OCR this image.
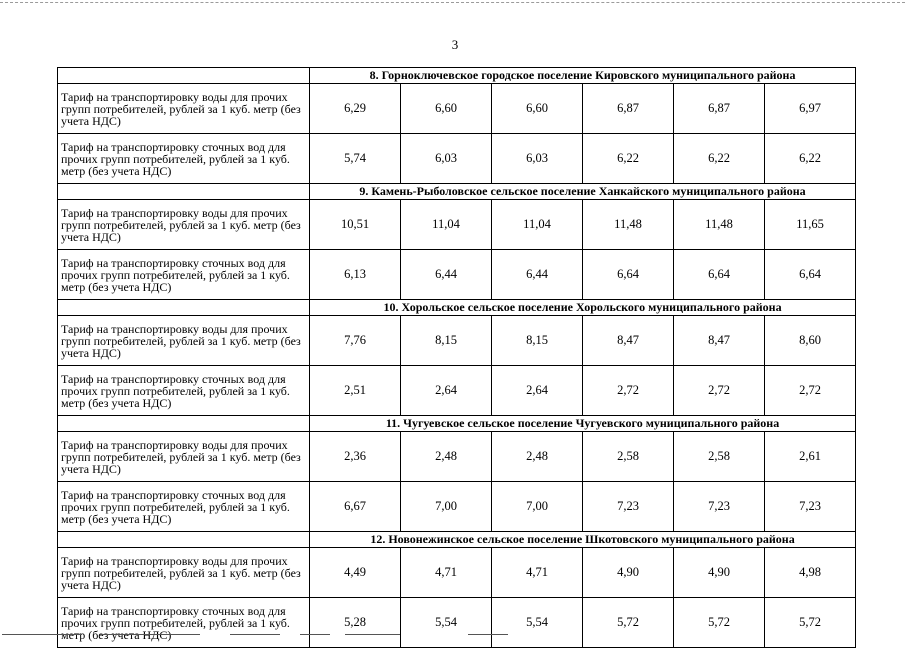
3
	8. Горноключевское городское поселение Кировского муниципального района					
Тариф на транспортировку воды для прочих групп потребителей, рублей за 1 куб. метр (без учета НДС)	6,29	6,60	6,60	6,87	6,87	6,97
Тариф на транспортировку сточных вод для прочих групп потребителей, рублей за 1 куб. метр (без учета НДС)	5,74	6,03	6,03	6,22	6,22	6,22
	9. Камень-Рыболовское сельское поселение Ханкайского муниципального района					
Тариф на транспортировку воды для прочих групп потребителей, рублей за 1 куб. метр (без учета НДС)	10,51	11,04	11,04	11,48	11,48	11,65
Тариф на транспортировку сточных вод для прочих групп потребителей, рублей за 1 куб. метр (без учета НДС)	6,13	6,44	6,44	6,64	6,64	6,64
	10. Хорольское сельское поселение Хорольского муниципального района					
Тариф на транспортировку воды для прочих групп потребителей, рублей за 1 куб. метр (без учета НДС)	7,76	8,15	8,15	8,47	8,47	8,60
Тариф на транспортировку сточных вод для прочих групп потребителей, рублей за 1 куб. метр (без учета НДС)	2,51	2,64	2,64	2,72	2,72	2,72
	11. Чугуевское сельское поселение Чугуевского муниципального района					
Тариф на транспортировку воды для прочих групп потребителей, рублей за 1 куб. метр (без учета НДС)	2,36	2,48	2,48	2,58	2,58	2,61
Тариф на транспортировку сточных вод для прочих групп потребителей, рублей за 1 куб. метр (без учета НДС)	6,67	7,00	7,00	7,23	7,23	7,23
	12. Новонежинское сельское поселение Шкотовского муниципального района					
Тариф на транспортировку воды для прочих групп потребителей, рублей за 1 куб. метр (без учета НДС)	4,49	4,71	4,71	4,90	4,90	4,98
Тариф на транспортировку сточных вод для прочих групп потребителей, рублей за 1 куб. метр (без учета НДС)	5,28	5,54	5,54	5,72	5,72	5,72
